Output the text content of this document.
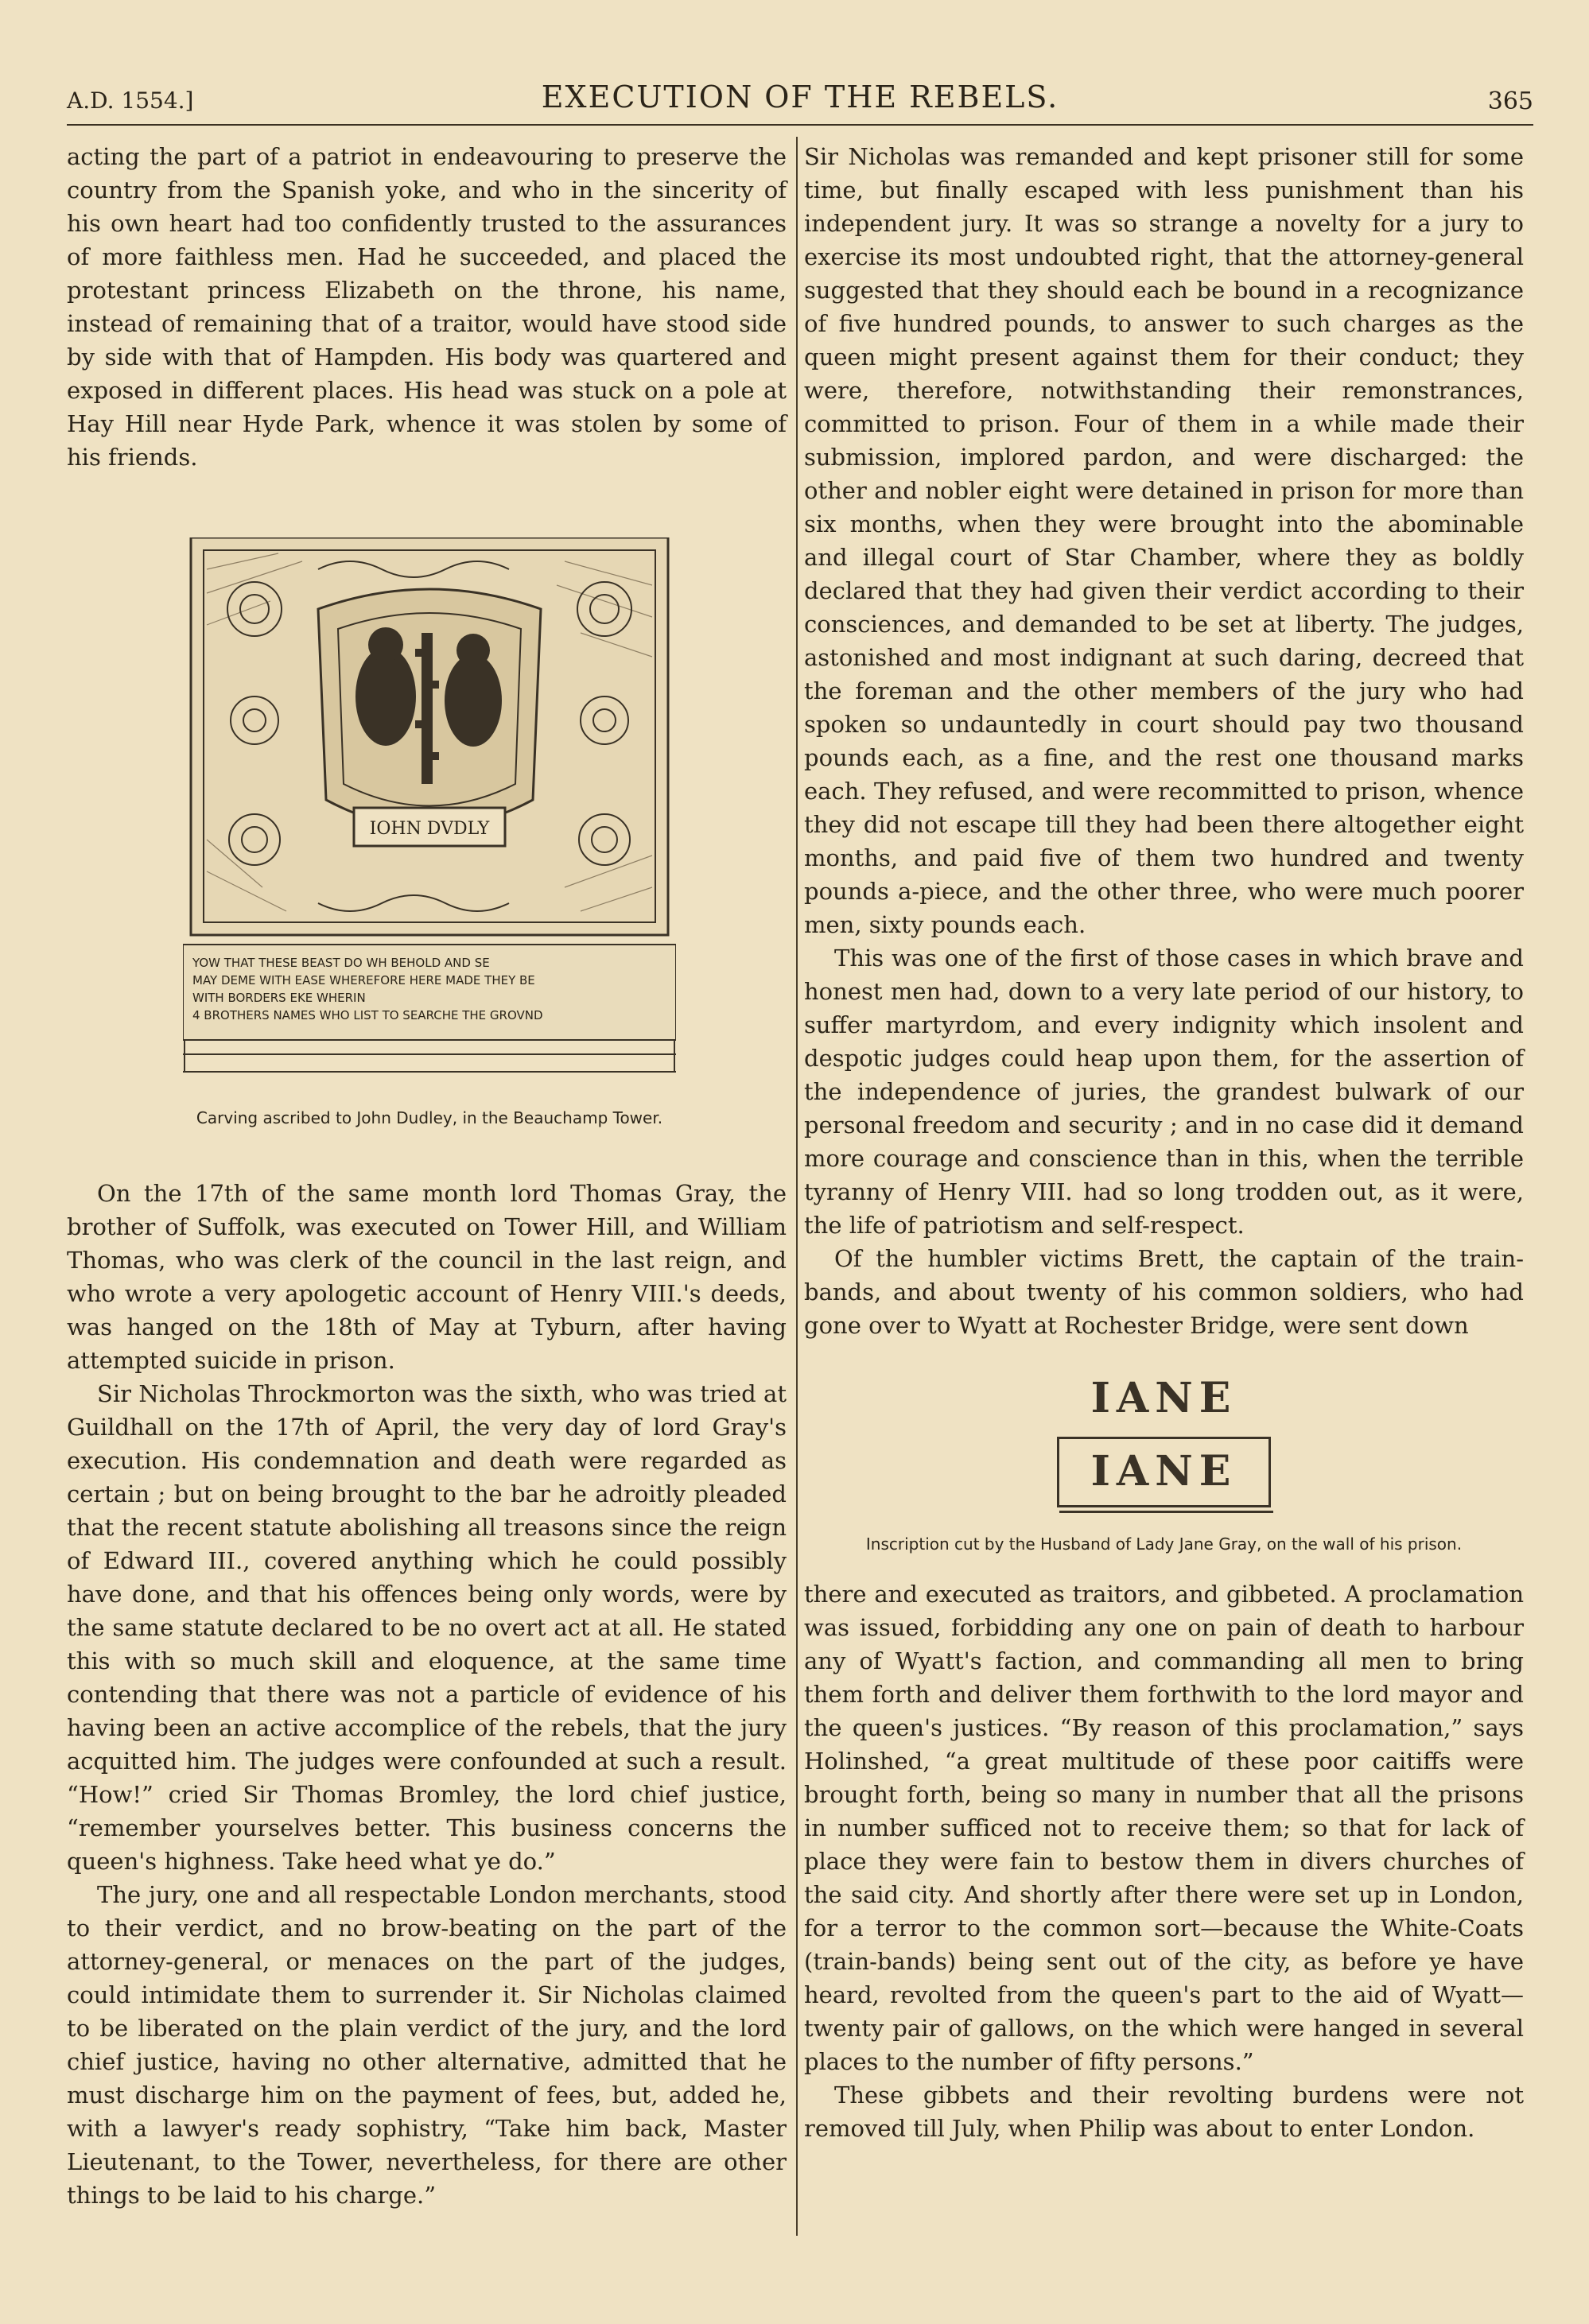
A.D. 1554.]	EXECUTION OF THE REBELS.	365

acting the part of a patriot in endeavouring to preserve the country from the Spanish yoke, and who in the sincerity of his own heart had too confidently trusted to the assurances of more faithless men. Had he succeeded, and placed the protestant princess Elizabeth on the throne, his name, instead of remaining that of a traitor, would have stood side by side with that of Hampden. His body was quartered and exposed in different places. His head was stuck on a pole at Hay Hill near Hyde Park, whence it was stolen by some of his friends.

IOHN DVDLY
YOW THAT THESE BEAST DO WH BEHOLD AND SE
MAY DEME WITH EASE WHEREFORE HERE MADE THEY BE
WITH BORDERS EKE WHERIN
4 BROTHERS NAMES WHO LIST TO SEARCHE THE GROVND
Carving ascribed to John Dudley, in the Beauchamp Tower.

On the 17th of the same month lord Thomas Gray, the brother of Suffolk, was executed on Tower Hill, and William Thomas, who was clerk of the council in the last reign, and who wrote a very apologetic account of Henry VIII.'s deeds, was hanged on the 18th of May at Tyburn, after having attempted suicide in prison.

Sir Nicholas Throckmorton was the sixth, who was tried at Guildhall on the 17th of April, the very day of lord Gray's execution. His condemnation and death were regarded as certain ; but on being brought to the bar he adroitly pleaded that the recent statute abolishing all treasons since the reign of Edward III., covered anything which he could possibly have done, and that his offences being only words, were by the same statute declared to be no overt act at all. He stated this with so much skill and eloquence, at the same time contending that there was not a particle of evidence of his having been an active accomplice of the rebels, that the jury acquitted him. The judges were confounded at such a result. “How!” cried Sir Thomas Bromley, the lord chief justice, “remember yourselves better. This business concerns the queen's highness. Take heed what ye do.”

The jury, one and all respectable London merchants, stood to their verdict, and no brow-beating on the part of the attorney-general, or menaces on the part of the judges, could intimidate them to surrender it. Sir Nicholas claimed to be liberated on the plain verdict of the jury, and the lord chief justice, having no other alternative, admitted that he must discharge him on the payment of fees, but, added he, with a lawyer's ready sophistry, “Take him back, Master Lieutenant, to the Tower, nevertheless, for there are other things to be laid to his charge.”

Sir Nicholas was remanded and kept prisoner still for some time, but finally escaped with less punishment than his independent jury. It was so strange a novelty for a jury to exercise its most undoubted right, that the attorney-general suggested that they should each be bound in a recognizance of five hundred pounds, to answer to such charges as the queen might present against them for their conduct; they were, therefore, notwithstanding their remonstrances, committed to prison. Four of them in a while made their submission, implored pardon, and were discharged: the other and nobler eight were detained in prison for more than six months, when they were brought into the abominable and illegal court of Star Chamber, where they as boldly declared that they had given their verdict according to their consciences, and demanded to be set at liberty. The judges, astonished and most indignant at such daring, decreed that the foreman and the other members of the jury who had spoken so undauntedly in court should pay two thousand pounds each, as a fine, and the rest one thousand marks each. They refused, and were recommitted to prison, whence they did not escape till they had been there altogether eight months, and paid five of them two hundred and twenty pounds a-piece, and the other three, who were much poorer men, sixty pounds each.

This was one of the first of those cases in which brave and honest men had, down to a very late period of our history, to suffer martyrdom, and every indignity which insolent and despotic judges could heap upon them, for the assertion of the independence of juries, the grandest bulwark of our personal freedom and security ; and in no case did it demand more courage and conscience than in this, when the terrible tyranny of Henry VIII. had so long trodden out, as it were, the life of patriotism and self-respect.

Of the humbler victims Brett, the captain of the train-bands, and about twenty of his common soldiers, who had gone over to Wyatt at Rochester Bridge, were sent down

IANE
IANE
Inscription cut by the Husband of Lady Jane Gray, on the wall of his prison.

there and executed as traitors, and gibbeted. A proclamation was issued, forbidding any one on pain of death to harbour any of Wyatt's faction, and commanding all men to bring them forth and deliver them forthwith to the lord mayor and the queen's justices. “By reason of this proclamation,” says Holinshed, “a great multitude of these poor caitiffs were brought forth, being so many in number that all the prisons in number sufficed not to receive them; so that for lack of place they were fain to bestow them in divers churches of the said city. And shortly after there were set up in London, for a terror to the common sort—because the White-Coats (train-bands) being sent out of the city, as before ye have heard, revolted from the queen's part to the aid of Wyatt—twenty pair of gallows, on the which were hanged in several places to the number of fifty persons.”

These gibbets and their revolting burdens were not removed till July, when Philip was about to enter London.
